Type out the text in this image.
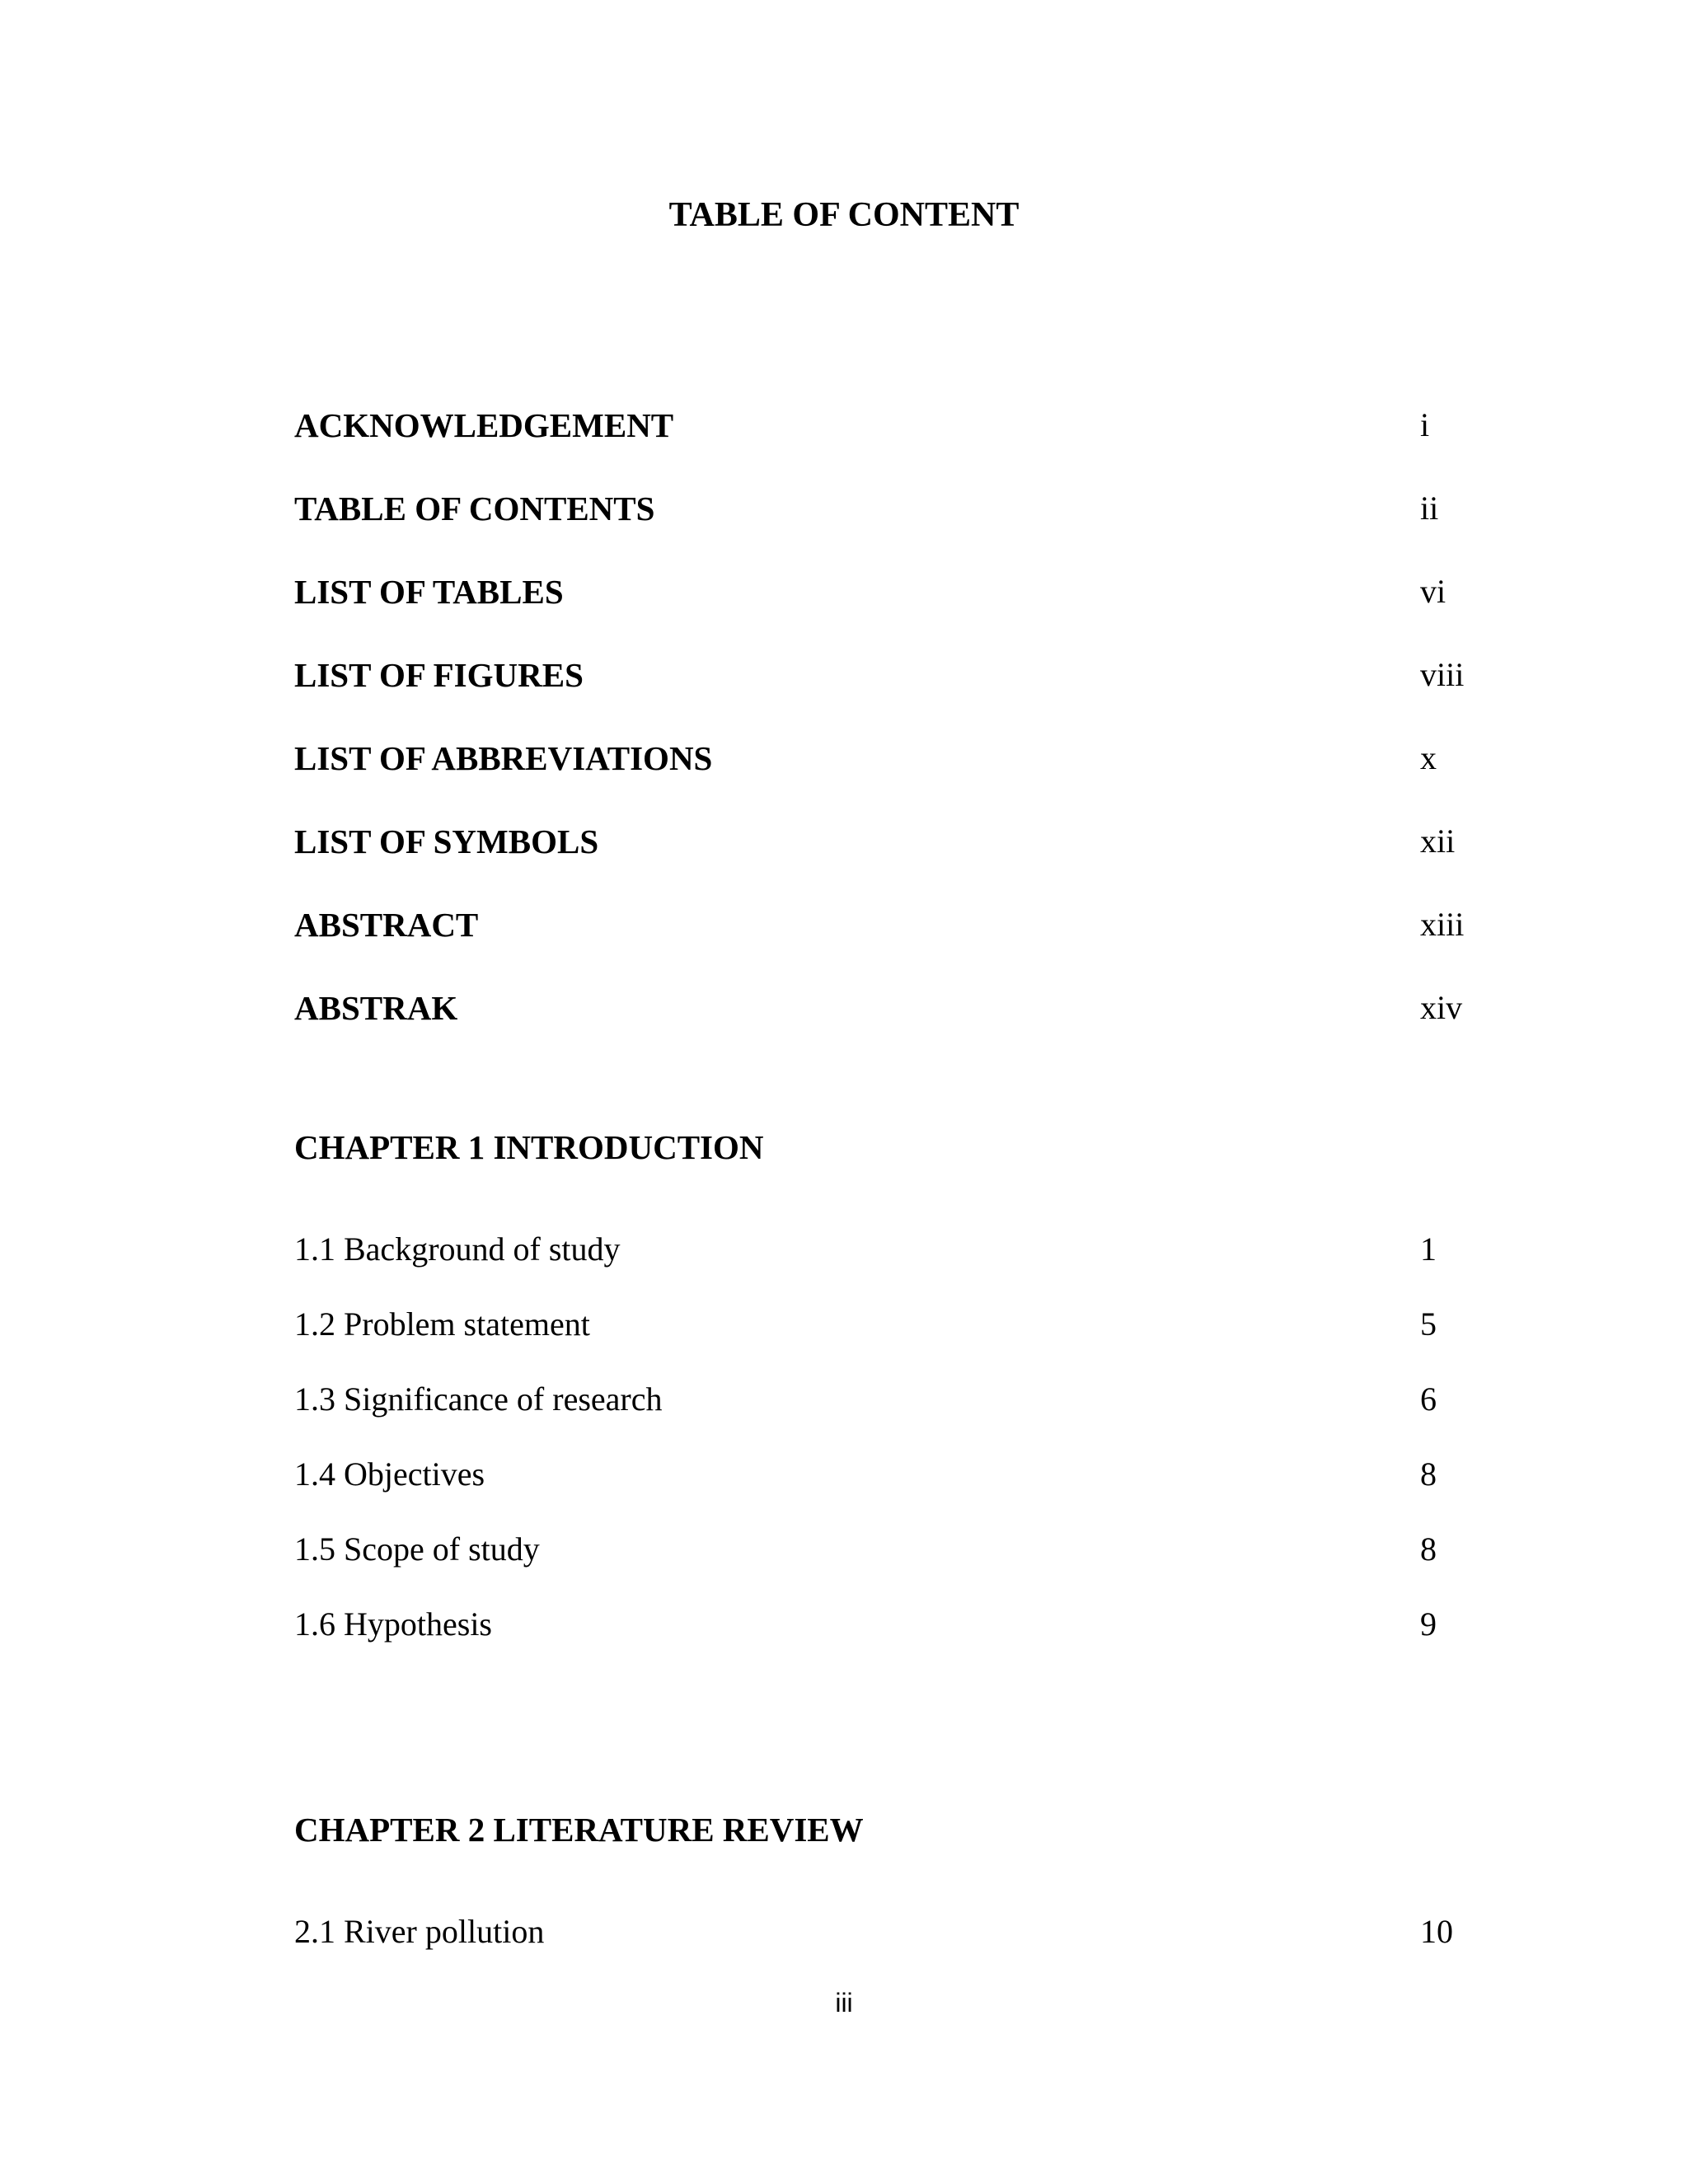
TABLE OF CONTENT
ACKNOWLEDGEMENT	i
TABLE OF CONTENTS	ii
LIST OF TABLES	vi
LIST OF FIGURES	viii
LIST OF ABBREVIATIONS	x
LIST OF SYMBOLS	xii
ABSTRACT	xiii
ABSTRAK	xiv
CHAPTER 1 INTRODUCTION
1.1 Background of study	1
1.2 Problem statement	5
1.3 Significance of research	6
1.4 Objectives	8
1.5 Scope of study	8
1.6 Hypothesis	9
CHAPTER 2 LITERATURE REVIEW
2.1 River pollution	10
iii
